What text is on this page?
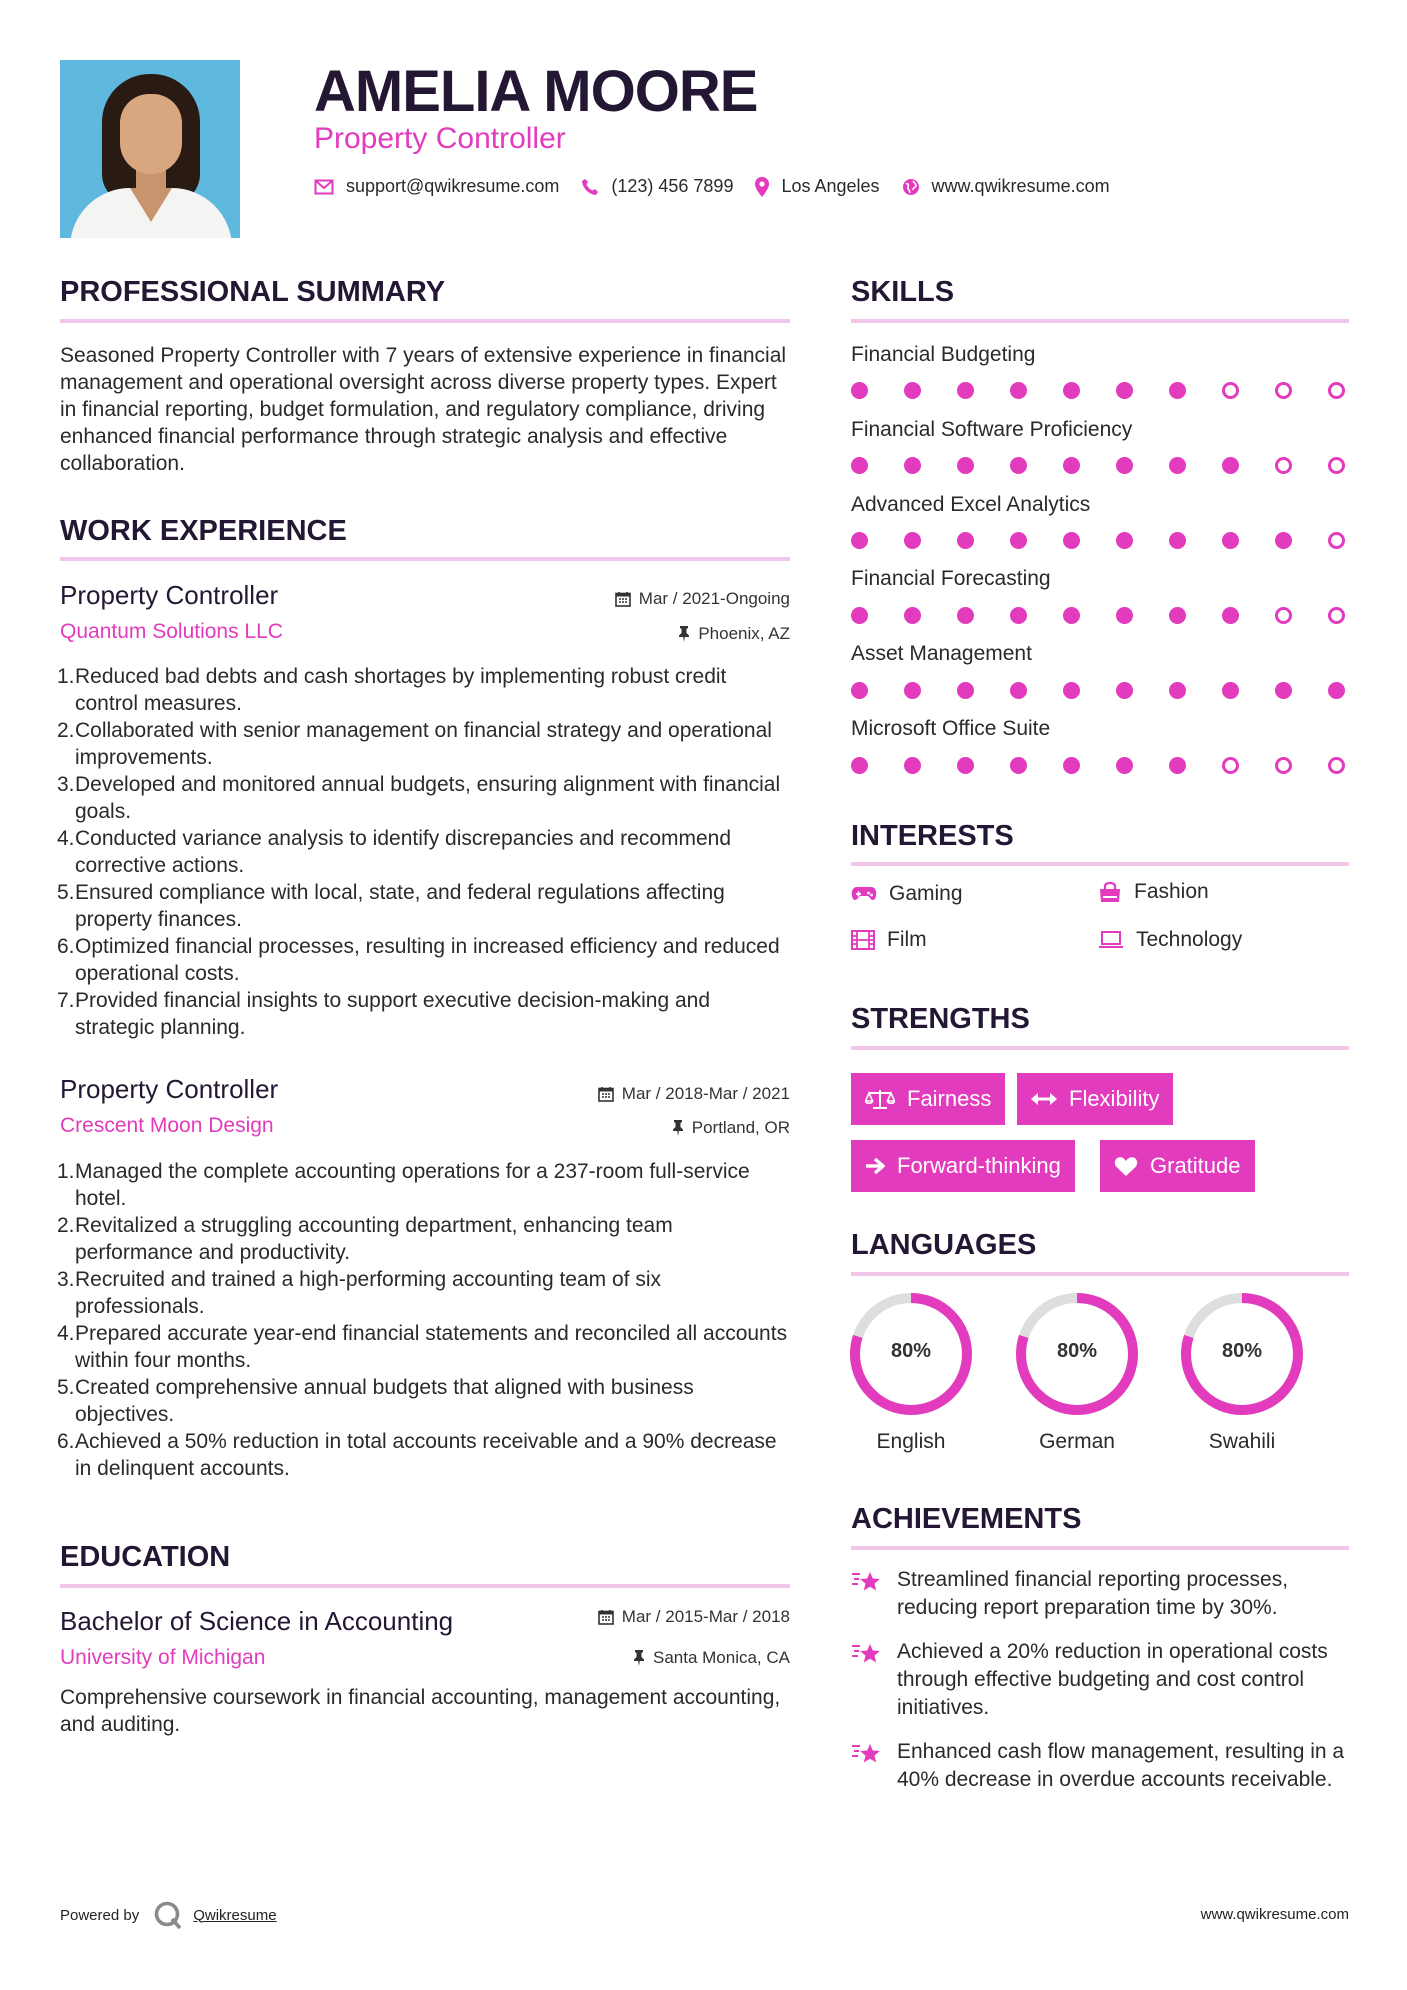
AMELIA MOORE
Property Controller
support@qwikresume.com	(123) 456 7899	Los Angeles	www.qwikresume.com
PROFESSIONAL SUMMARY
Seasoned Property Controller with 7 years of extensive experience in financial management and operational oversight across diverse property types. Expert in financial reporting, budget formulation, and regulatory compliance, driving enhanced financial performance through strategic analysis and effective collaboration.
WORK EXPERIENCE
Property Controller	Mar / 2021-Ongoing
Quantum Solutions LLC	Phoenix, AZ
1. Reduced bad debts and cash shortages by implementing robust credit control measures.
2. Collaborated with senior management on financial strategy and operational improvements.
3. Developed and monitored annual budgets, ensuring alignment with financial goals.
4. Conducted variance analysis to identify discrepancies and recommend corrective actions.
5. Ensured compliance with local, state, and federal regulations affecting property finances.
6. Optimized financial processes, resulting in increased efficiency and reduced operational costs.
7. Provided financial insights to support executive decision-making and strategic planning.
Property Controller	Mar / 2018-Mar / 2021
Crescent Moon Design	Portland, OR
1. Managed the complete accounting operations for a 237-room full-service hotel.
2. Revitalized a struggling accounting department, enhancing team performance and productivity.
3. Recruited and trained a high-performing accounting team of six professionals.
4. Prepared accurate year-end financial statements and reconciled all accounts within four months.
5. Created comprehensive annual budgets that aligned with business objectives.
6. Achieved a 50% reduction in total accounts receivable and a 90% decrease in delinquent accounts.
EDUCATION
Bachelor of Science in Accounting	Mar / 2015-Mar / 2018
University of Michigan	Santa Monica, CA
Comprehensive coursework in financial accounting, management accounting, and auditing.
SKILLS
Financial Budgeting
Financial Software Proficiency
Advanced Excel Analytics
Financial Forecasting
Asset Management
Microsoft Office Suite
INTERESTS
Gaming	Fashion
Film	Technology
STRENGTHS
Fairness	Flexibility
Forward-thinking	Gratitude
LANGUAGES
80%
English
80%
German
80%
Swahili
ACHIEVEMENTS
Streamlined financial reporting processes, reducing report preparation time by 30%.
Achieved a 20% reduction in operational costs through effective budgeting and cost control initiatives.
Enhanced cash flow management, resulting in a 40% decrease in overdue accounts receivable.
Powered by	Qwikresume	www.qwikresume.com
